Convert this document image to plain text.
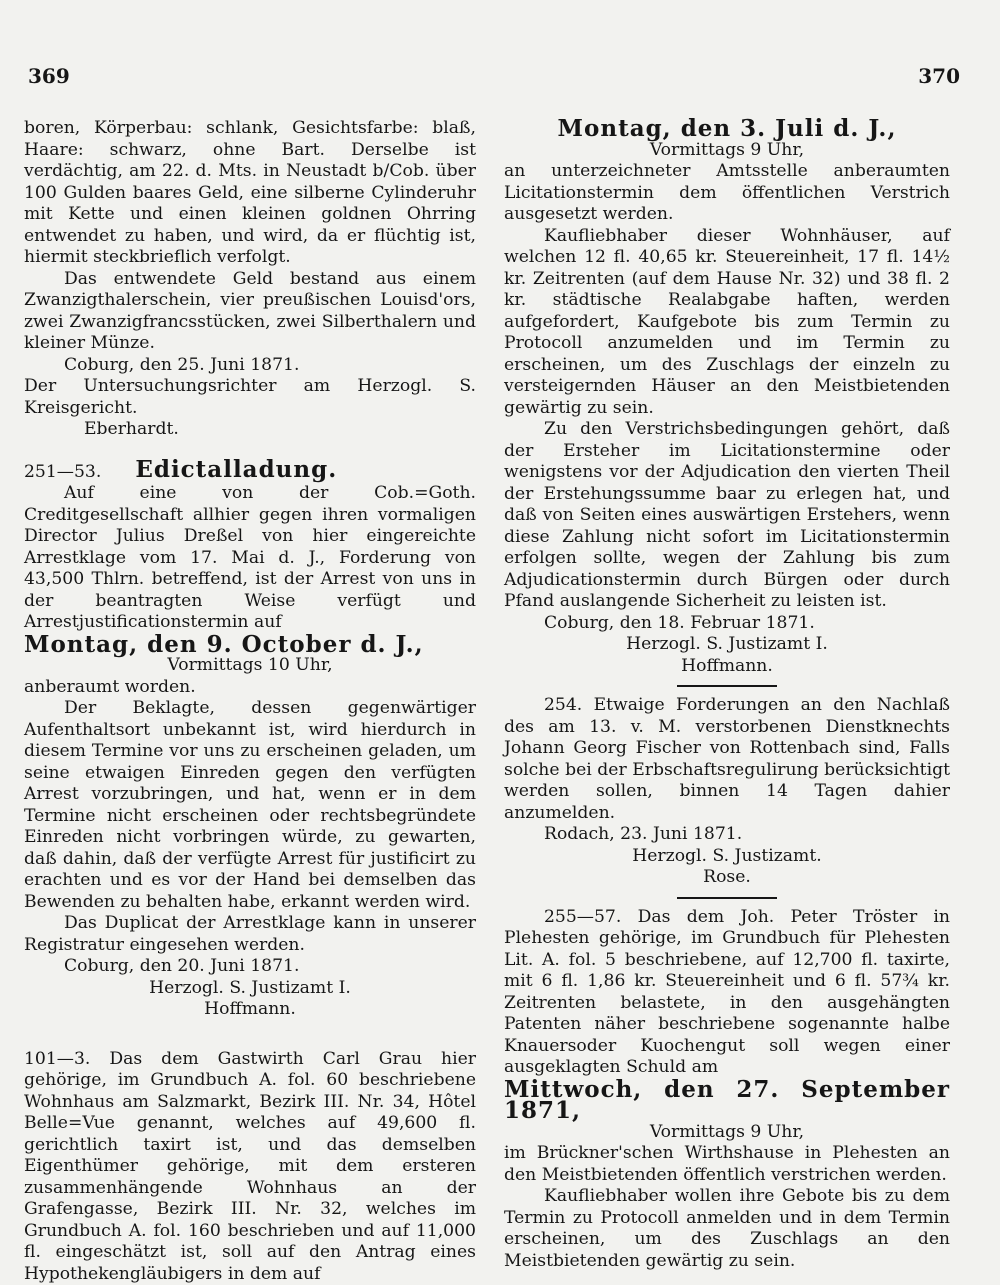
369	370

boren, Körperbau: schlank, Gesichtsfarbe: blaß, Haare: schwarz, ohne Bart. Derselbe ist verdächtig, am 22. d. Mts. in Neustadt b/Cob. über 100 Gulden baares Geld, eine silberne Cylinderuhr mit Kette und einen kleinen goldnen Ohrring entwendet zu haben, und wird, da er flüchtig ist, hiermit steckbrieflich verfolgt.

Das entwendete Geld bestand aus einem Zwanzigthalerschein, vier preußischen Louisd'ors, zwei Zwanzigfrancsstücken, zwei Silberthalern und kleiner Münze.

Coburg, den 25. Juni 1871.

Der Untersuchungsrichter am Herzogl. S. Kreisgericht.

Eberhardt.

251—53. Edictalladung.

Auf eine von der Cob.=Goth. Creditgesellschaft allhier gegen ihren vormaligen Director Julius Dreßel von hier eingereichte Arrestklage vom 17. Mai d. J., Forderung von 43,500 Thlrn. betreffend, ist der Arrest von uns in der beantragten Weise verfügt und Arrestjustificationstermin auf

Montag, den 9. October d. J.,

Vormittags 10 Uhr,

anberaumt worden.

Der Beklagte, dessen gegenwärtiger Aufenthaltsort unbekannt ist, wird hierdurch in diesem Termine vor uns zu erscheinen geladen, um seine etwaigen Einreden gegen den verfügten Arrest vorzubringen, und hat, wenn er in dem Termine nicht erscheinen oder rechtsbegründete Einreden nicht vorbringen würde, zu gewarten, daß dahin, daß der verfügte Arrest für justificirt zu erachten und es vor der Hand bei demselben das Bewenden zu behalten habe, erkannt werden wird.

Das Duplicat der Arrestklage kann in unserer Registratur eingesehen werden.

Coburg, den 20. Juni 1871.

Herzogl. S. Justizamt I.

Hoffmann.

101—3. Das dem Gastwirth Carl Grau hier gehörige, im Grundbuch A. fol. 60 beschriebene Wohnhaus am Salzmarkt, Bezirk III. Nr. 34, Hôtel Belle=Vue genannt, welches auf 49,600 fl. gerichtlich taxirt ist, und das demselben Eigenthümer gehörige, mit dem ersteren zusammenhängende Wohnhaus an der Grafengasse, Bezirk III. Nr. 32, welches im Grundbuch A. fol. 160 beschrieben und auf 11,000 fl. eingeschätzt ist, soll auf den Antrag eines Hypothekengläubigers in dem auf

Montag, den 3. Juli d. J.,

Vormittags 9 Uhr,

an unterzeichneter Amtsstelle anberaumten Licitationstermin dem öffentlichen Verstrich ausgesetzt werden.

Kaufliebhaber dieser Wohnhäuser, auf welchen 12 fl. 40,65 kr. Steuereinheit, 17 fl. 14½ kr. Zeitrenten (auf dem Hause Nr. 32) und 38 fl. 2 kr. städtische Realabgabe haften, werden aufgefordert, Kaufgebote bis zum Termin zu Protocoll anzumelden und im Termin zu erscheinen, um des Zuschlags der einzeln zu versteigernden Häuser an den Meistbietenden gewärtig zu sein.

Zu den Verstrichsbedingungen gehört, daß der Ersteher im Licitationstermine oder wenigstens vor der Adjudication den vierten Theil der Erstehungssumme baar zu erlegen hat, und daß von Seiten eines auswärtigen Erstehers, wenn diese Zahlung nicht sofort im Licitationstermin erfolgen sollte, wegen der Zahlung bis zum Adjudicationstermin durch Bürgen oder durch Pfand auslangende Sicherheit zu leisten ist.

Coburg, den 18. Februar 1871.

Herzogl. S. Justizamt I.

Hoffmann.

254. Etwaige Forderungen an den Nachlaß des am 13. v. M. verstorbenen Dienstknechts Johann Georg Fischer von Rottenbach sind, Falls solche bei der Erbschaftsregulirung berücksichtigt werden sollen, binnen 14 Tagen dahier anzumelden.

Rodach, 23. Juni 1871.

Herzogl. S. Justizamt.

Rose.

255—57. Das dem Joh. Peter Tröster in Plehesten gehörige, im Grundbuch für Plehesten Lit. A. fol. 5 beschriebene, auf 12,700 fl. taxirte, mit 6 fl. 1,86 kr. Steuereinheit und 6 fl. 57¾ kr. Zeitrenten belastete, in den ausgehängten Patenten näher beschriebene sogenannte halbe Knauersoder Kuochengut soll wegen einer ausgeklagten Schuld am

Mittwoch, den 27. September 1871,

Vormittags 9 Uhr,

im Brückner'schen Wirthshause in Plehesten an den Meistbietenden öffentlich verstrichen werden.

Kaufliebhaber wollen ihre Gebote bis zu dem Termin zu Protocoll anmelden und in dem Termin erscheinen, um des Zuschlags an den Meistbietenden gewärtig zu sein.
